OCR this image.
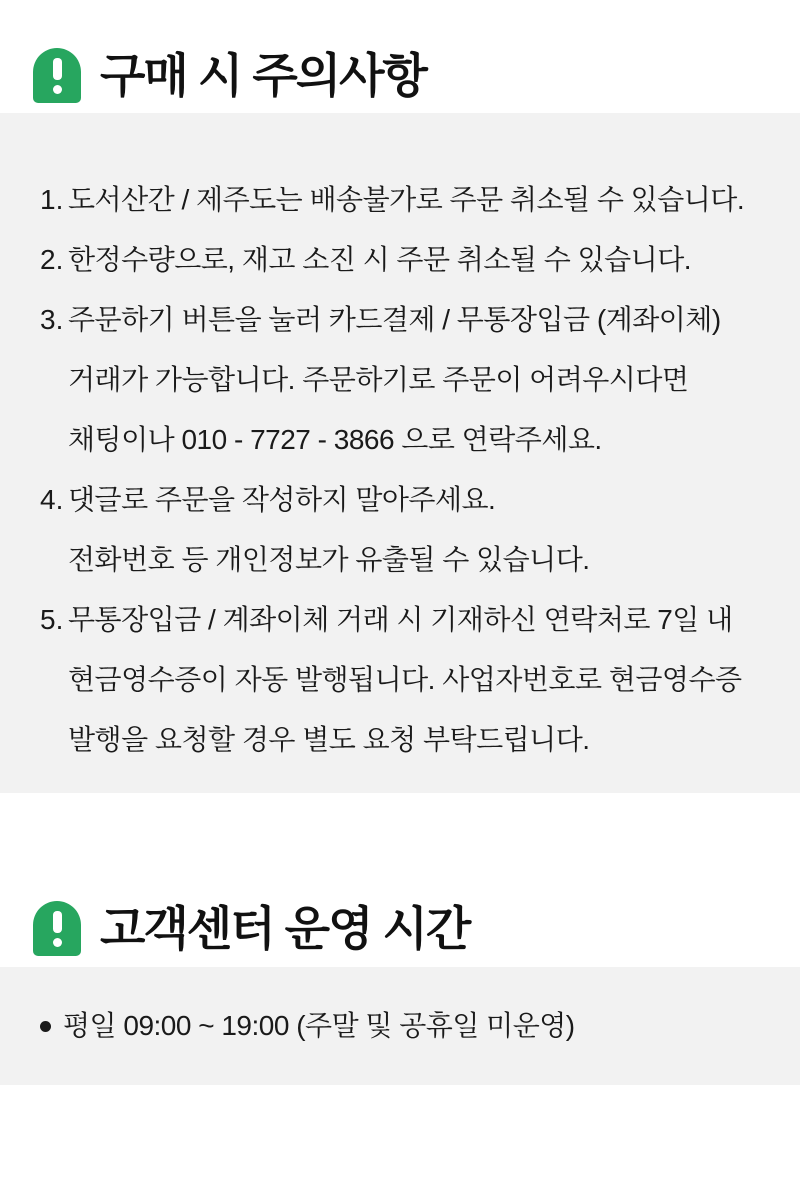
구매 시 주의사항
1. 도서산간 / 제주도는 배송불가로 주문 취소될 수 있습니다.
2. 한정수량으로, 재고 소진 시 주문 취소될 수 있습니다.
3. 주문하기 버튼을 눌러 카드결제 / 무통장입금 (계좌이체)
거래가 가능합니다. 주문하기로 주문이 어려우시다면
채팅이나 010 - 7727 - 3866 으로 연락주세요.
4. 댓글로 주문을 작성하지 말아주세요.
전화번호 등 개인정보가 유출될 수 있습니다.
5. 무통장입금 / 계좌이체 거래 시 기재하신 연락처로 7일 내
현금영수증이 자동 발행됩니다. 사업자번호로 현금영수증
발행을 요청할 경우 별도 요청 부탁드립니다.
고객센터 운영 시간
평일 09:00 ~ 19:00 (주말 및 공휴일 미운영)
